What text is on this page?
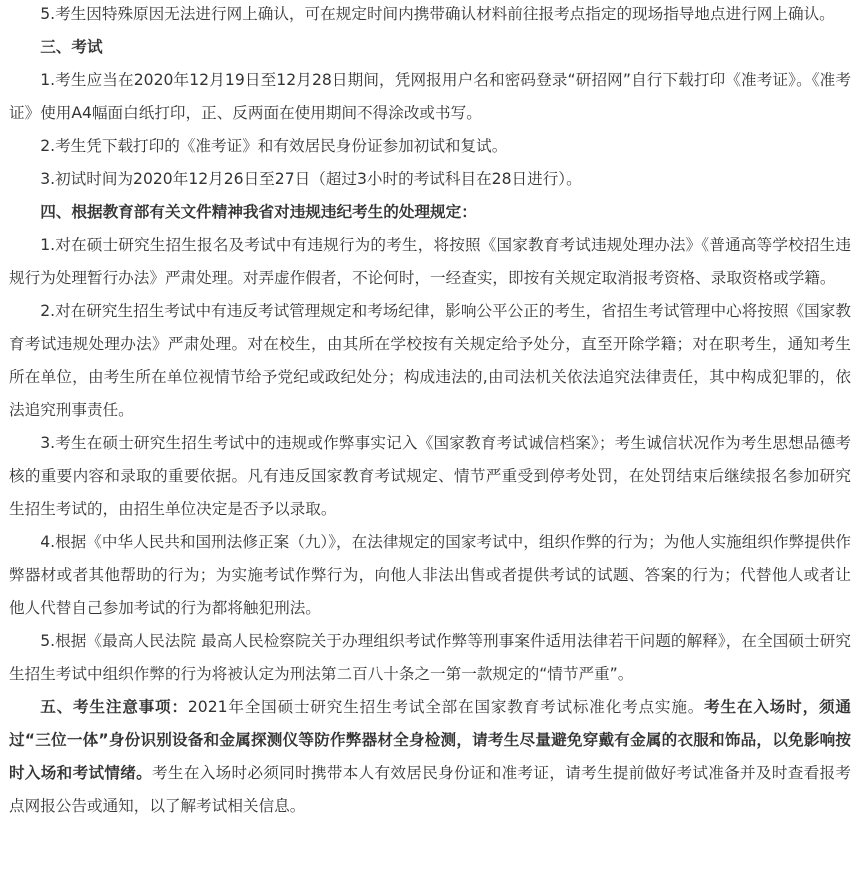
5.考生因特殊原因无法进行网上确认，可在规定时间内携带确认材料前往报考点指定的现场指导地点进行网上确认。

三、考试

1.考生应当在2020年12月19日至12月28日期间，凭网报用户名和密码登录“研招网”自行下载打印《准考证》。《准考证》使用A4幅面白纸打印，正、反两面在使用期间不得涂改或书写。

2.考生凭下载打印的《准考证》和有效居民身份证参加初试和复试。

3.初试时间为2020年12月26日至27日（超过3小时的考试科目在28日进行）。

四、根据教育部有关文件精神我省对违规违纪考生的处理规定：

1.对在硕士研究生招生报名及考试中有违规行为的考生，将按照《国家教育考试违规处理办法》《普通高等学校招生违规行为处理暂行办法》严肃处理。对弄虚作假者，不论何时，一经查实，即按有关规定取消报考资格、录取资格或学籍。

2.对在研究生招生考试中有违反考试管理规定和考场纪律，影响公平公正的考生，省招生考试管理中心将按照《国家教育考试违规处理办法》严肃处理。对在校生，由其所在学校按有关规定给予处分，直至开除学籍；对在职考生，通知考生所在单位，由考生所在单位视情节给予党纪或政纪处分；构成违法的,由司法机关依法追究法律责任，其中构成犯罪的，依法追究刑事责任。

3.考生在硕士研究生招生考试中的违规或作弊事实记入《国家教育考试诚信档案》；考生诚信状况作为考生思想品德考核的重要内容和录取的重要依据。凡有违反国家教育考试规定、情节严重受到停考处罚，在处罚结束后继续报名参加研究生招生考试的，由招生单位决定是否予以录取。

4.根据《中华人民共和国刑法修正案（九）》，在法律规定的国家考试中，组织作弊的行为；为他人实施组织作弊提供作弊器材或者其他帮助的行为；为实施考试作弊行为，向他人非法出售或者提供考试的试题、答案的行为；代替他人或者让他人代替自己参加考试的行为都将触犯刑法。

5.根据《最高人民法院 最高人民检察院关于办理组织考试作弊等刑事案件适用法律若干问题的解释》，在全国硕士研究生招生考试中组织作弊的行为将被认定为刑法第二百八十条之一第一款规定的“情节严重”。

五、考生注意事项：2021年全国硕士研究生招生考试全部在国家教育考试标准化考点实施。考生在入场时，须通过“三位一体”身份识别设备和金属探测仪等防作弊器材全身检测，请考生尽量避免穿戴有金属的衣服和饰品，以免影响按时入场和考试情绪。考生在入场时必须同时携带本人有效居民身份证和准考证，请考生提前做好考试准备并及时查看报考点网报公告或通知，以了解考试相关信息。
